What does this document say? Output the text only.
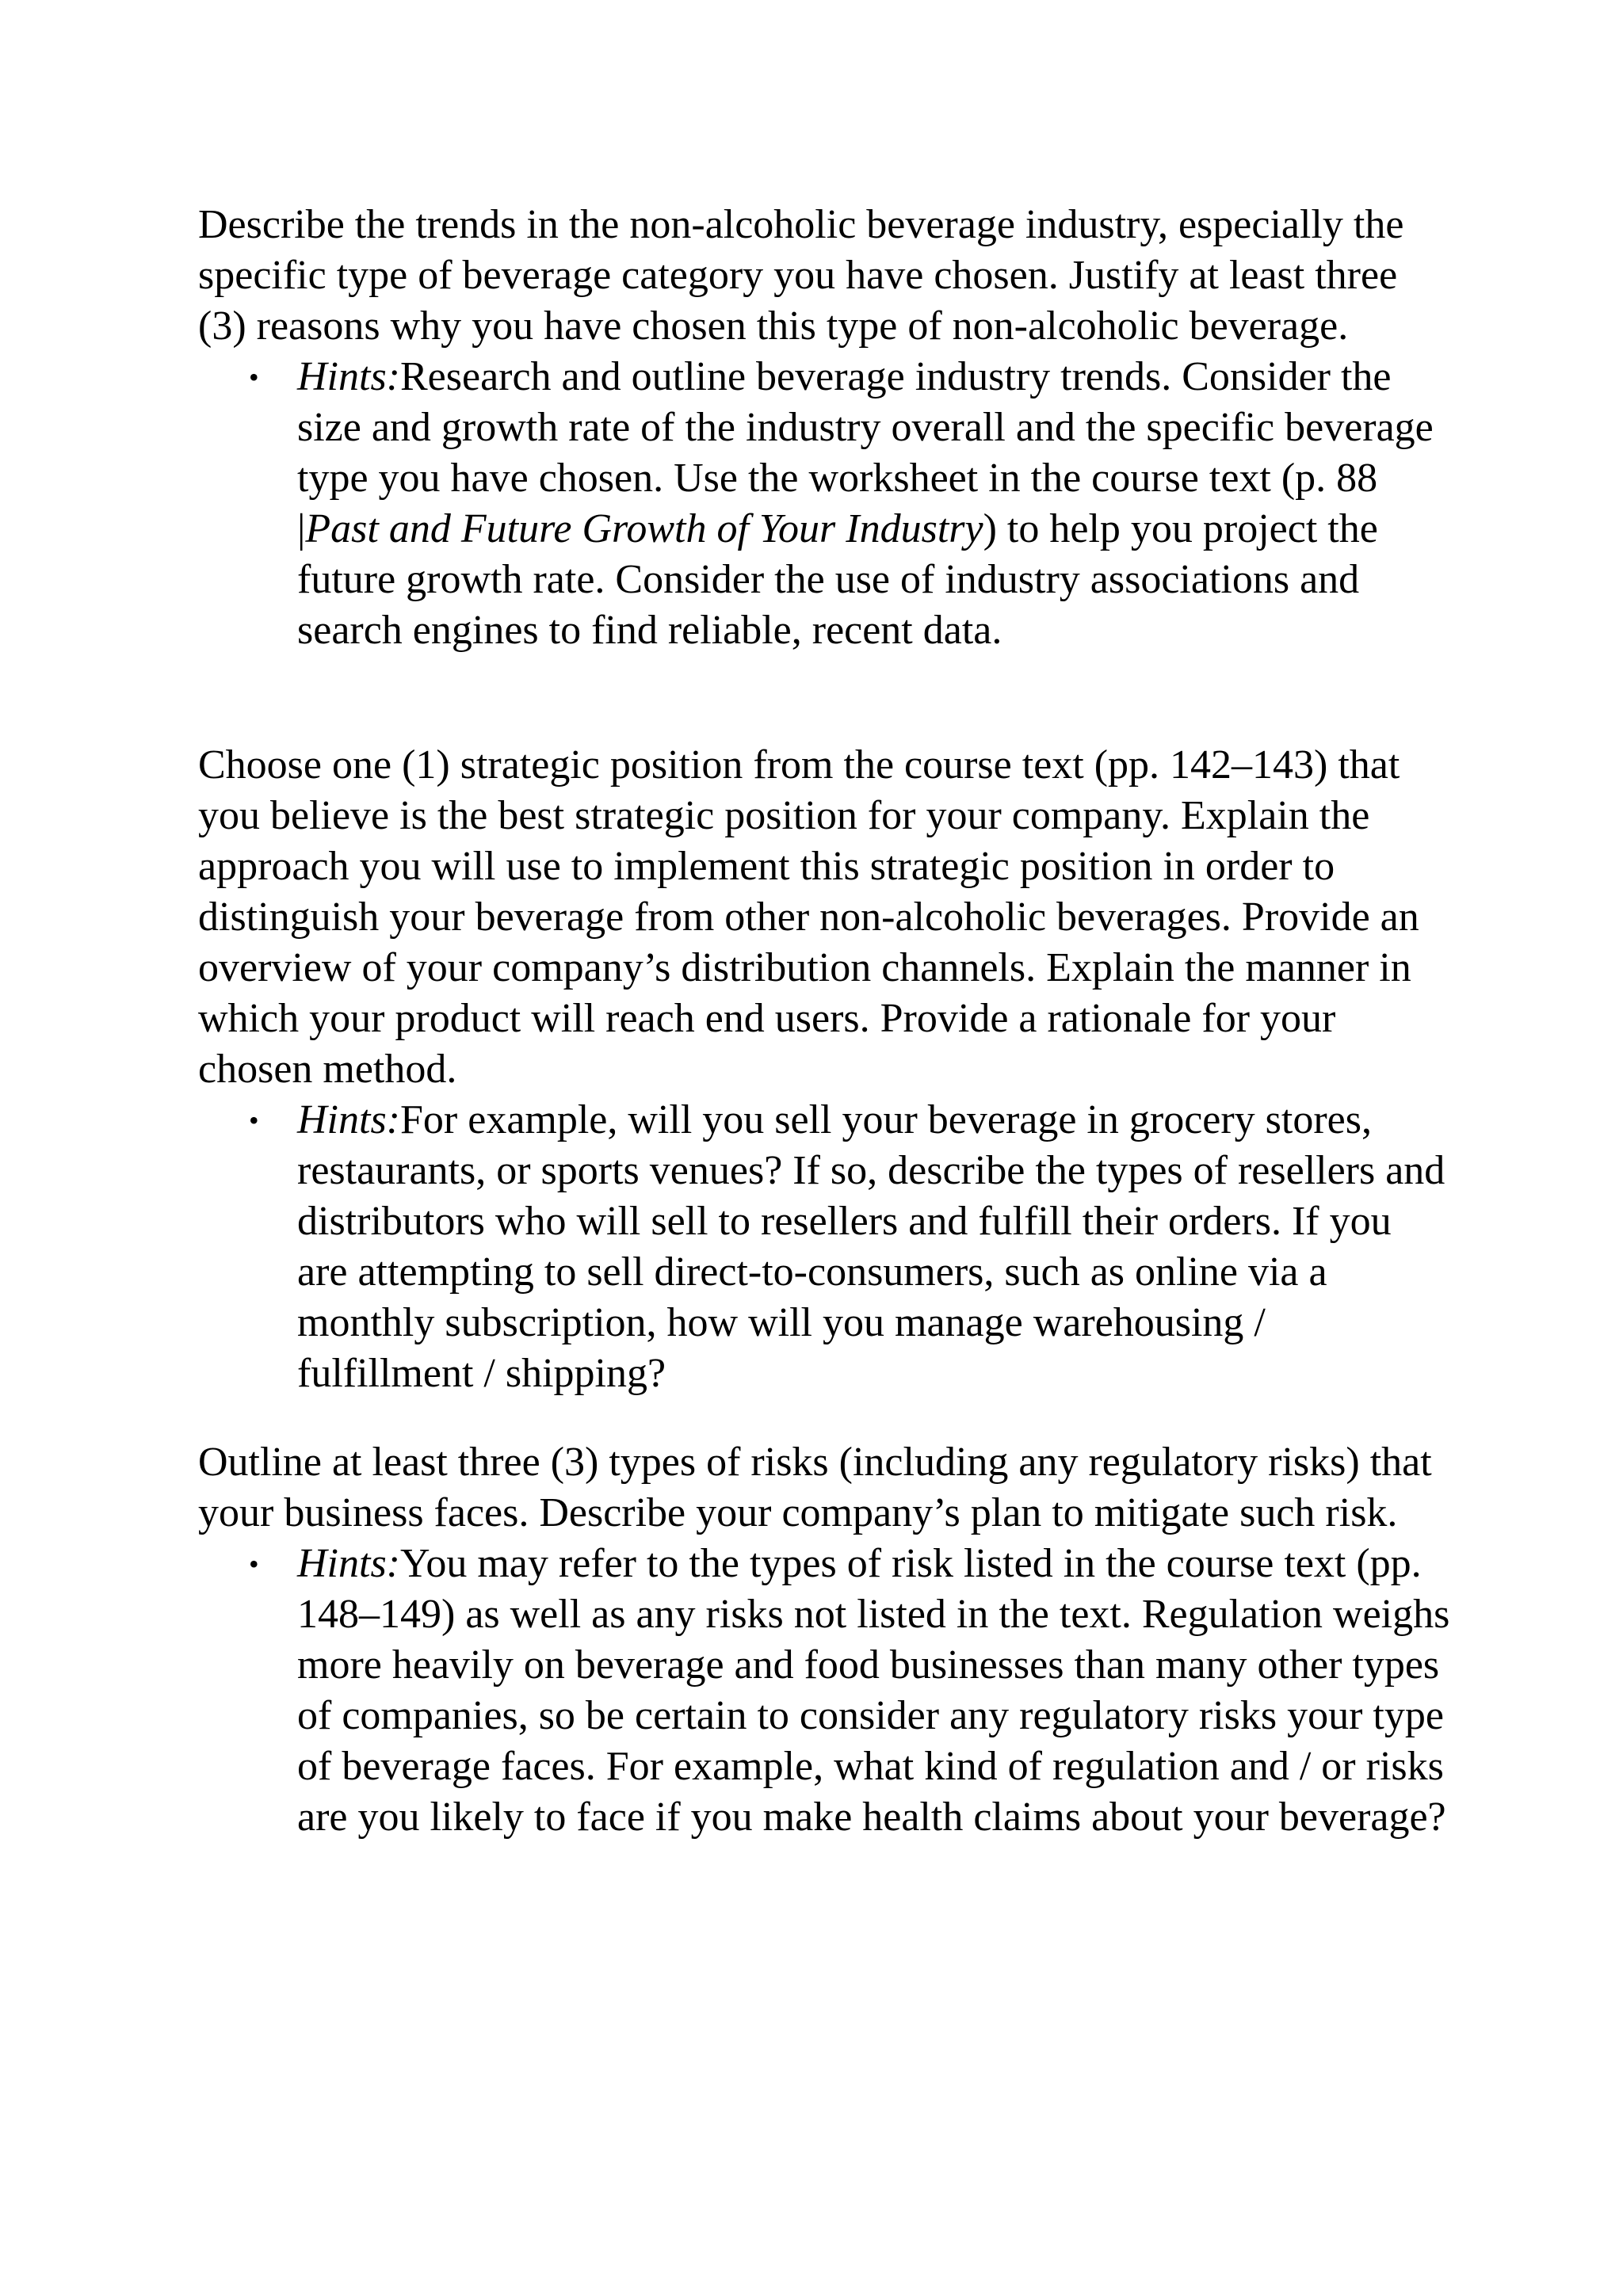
Describe the trends in the non-alcoholic beverage industry, especially the specific type of beverage category you have chosen. Justify at least three (3) reasons why you have chosen this type of non-alcoholic beverage.

• Hints:Research and outline beverage industry trends. Consider the size and growth rate of the industry overall and the specific beverage type you have chosen. Use the worksheet in the course text (p. 88 |Past and Future Growth of Your Industry) to help you project the future growth rate. Consider the use of industry associations and search engines to find reliable, recent data.

Choose one (1) strategic position from the course text (pp. 142–143) that you believe is the best strategic position for your company. Explain the approach you will use to implement this strategic position in order to distinguish your beverage from other non-alcoholic beverages. Provide an overview of your company’s distribution channels. Explain the manner in which your product will reach end users. Provide a rationale for your chosen method.

• Hints:For example, will you sell your beverage in grocery stores, restaurants, or sports venues? If so, describe the types of resellers and distributors who will sell to resellers and fulfill their orders. If you are attempting to sell direct-to-consumers, such as online via a monthly subscription, how will you manage warehousing / fulfillment / shipping?

Outline at least three (3) types of risks (including any regulatory risks) that your business faces. Describe your company’s plan to mitigate such risk.

• Hints:You may refer to the types of risk listed in the course text (pp. 148–149) as well as any risks not listed in the text. Regulation weighs more heavily on beverage and food businesses than many other types of companies, so be certain to consider any regulatory risks your type of beverage faces. For example, what kind of regulation and / or risks are you likely to face if you make health claims about your beverage?
